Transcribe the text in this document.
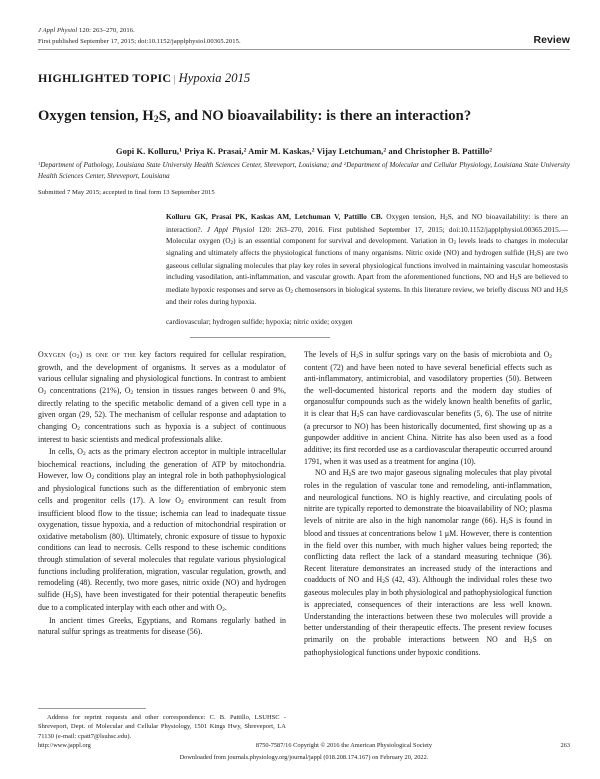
J Appl Physiol 120: 263–270, 2016.
First published September 17, 2015; doi:10.1152/japplphysiol.00365.2015.	Review
HIGHLIGHTED TOPIC | Hypoxia 2015
Oxygen tension, $H_2S$, and NO bioavailability: is there an interaction?
Gopi K. Kolluru,$^1$ Priya K. Prasai,$^2$ Amir M. Kaskas,$^2$ Vijay Letchuman,$^2$ and Christopher B. Pattillo$^2$
$^1$Department of Pathology, Louisiana State University Health Sciences Center, Shreveport, Louisiana; and $^2$Department of Molecular and Cellular Physiology, Louisiana State University Health Sciences Center, Shreveport, Louisiana
Submitted 7 May 2015; accepted in final form 13 September 2015
Kolluru GK, Prasai PK, Kaskas AM, Letchuman V, Pattillo CB. Oxygen tension, $H_2S$, and NO bioavailability: is there an interaction?. J Appl Physiol 120: 263–270, 2016. First published September 17, 2015; doi:10.1152/japplphysiol.00365.2015.—Molecular oxygen $(O_2)$ is an essential component for survival and development. Variation in $O_2$ levels leads to changes in molecular signaling and ultimately affects the physiological functions of many organisms. Nitric oxide (NO) and hydrogen sulfide $(H_2S)$ are two gaseous cellular signaling molecules that play key roles in several physiological functions involved in maintaining vascular homeostasis including vasodilation, anti-inflammation, and vascular growth. Apart from the aforementioned functions, NO and $H_2S$ are believed to mediate hypoxic responses and serve as $O_2$ chemosensors in biological systems. In this literature review, we briefly discuss NO and $H_2S$ and their roles during hypoxia.
cardiovascular; hydrogen sulfide; hypoxia; nitric oxide; oxygen

Oxygen $(o_2)$ is one of the key factors required for cellular respiration, growth, and the development of organisms. It serves as a modulator of various cellular signaling and physiological functions. In contrast to ambient $O_2$ concentrations (21%), $O_2$ tension in tissues ranges between 0 and 9%, directly relating to the specific metabolic demand of a given cell type in a given organ (29, 52). The mechanism of cellular response and adaptation to changing $O_2$ concentrations such as hypoxia is a subject of continuous interest to basic scientists and medical professionals alike.

In cells, $O_2$ acts as the primary electron acceptor in multiple intracellular biochemical reactions, including the generation of ATP by mitochondria. However, low $O_2$ conditions play an integral role in both pathophysiological and physiological functions such as the differentiation of embryonic stem cells and progenitor cells (17). A low $O_2$ environment can result from insufficient blood flow to the tissue; ischemia can lead to inadequate tissue oxygenation, tissue hypoxia, and a reduction of mitochondrial respiration or oxidative metabolism (80). Ultimately, chronic exposure of tissue to hypoxic conditions can lead to necrosis. Cells respond to these ischemic conditions through stimulation of several molecules that regulate various physiological functions including proliferation, migration, vascular regulation, growth, and remodeling (48). Recently, two more gases, nitric oxide (NO) and hydrogen sulfide $(H_2S)$, have been investigated for their potential therapeutic benefits due to a complicated interplay with each other and with $O_2$.

In ancient times Greeks, Egyptians, and Romans regularly bathed in natural sulfur springs as treatments for disease (56).

The levels of $H_2S$ in sulfur springs vary on the basis of microbiota and $O_2$ content (72) and have been noted to have several beneficial effects such as anti-inflammatory, antimicrobial, and vasodilatory properties (50). Between the well-documented historical reports and the modern day studies of organosulfur compounds such as the widely known health benefits of garlic, it is clear that $H_2S$ can have cardiovascular benefits (5, 6). The use of nitrite (a precursor to NO) has been historically documented, first showing up as a gunpowder additive in ancient China. Nitrite has also been used as a food additive; its first recorded use as a cardiovascular therapeutic occurred around 1791, when it was used as a treatment for angina (10).

NO and $H_2S$ are two major gaseous signaling molecules that play pivotal roles in the regulation of vascular tone and remodeling, anti-inflammation, and neurological functions. NO is highly reactive, and circulating pools of nitrite are typically reported to demonstrate the bioavailability of NO; plasma levels of nitrite are also in the high nanomolar range (66). $H_2S$ is found in blood and tissues at concentrations below 1 μM. However, there is contention in the field over this number, with much higher values being reported; the conflicting data reflect the lack of a standard measuring technique (36). Recent literature demonstrates an increased study of the interactions and coadducts of NO and $H_2S$ (42, 43). Although the individual roles these two gaseous molecules play in both physiological and pathophysiological function is appreciated, consequences of their interactions are less well known. Understanding the interactions between these two molecules will provide a better understanding of their therapeutic effects. The present review focuses primarily on the probable interactions between NO and $H_2S$ on pathophysiological functions under hypoxic conditions.

Address for reprint requests and other correspondence: C. B. Pattillo, LSUHSC - Shreveport, Dept. of Molecular and Cellular Physiology, 1501 Kings Hwy, Shreveport, LA 71130 (e-mail: cpatt7@lsuhsc.edu).
http://www.jappl.org	8750-7587/16 Copyright © 2016 the American Physiological Society	263
Downloaded from journals.physiology.org/journal/jappl (018.208.174.167) on February 20, 2022.
